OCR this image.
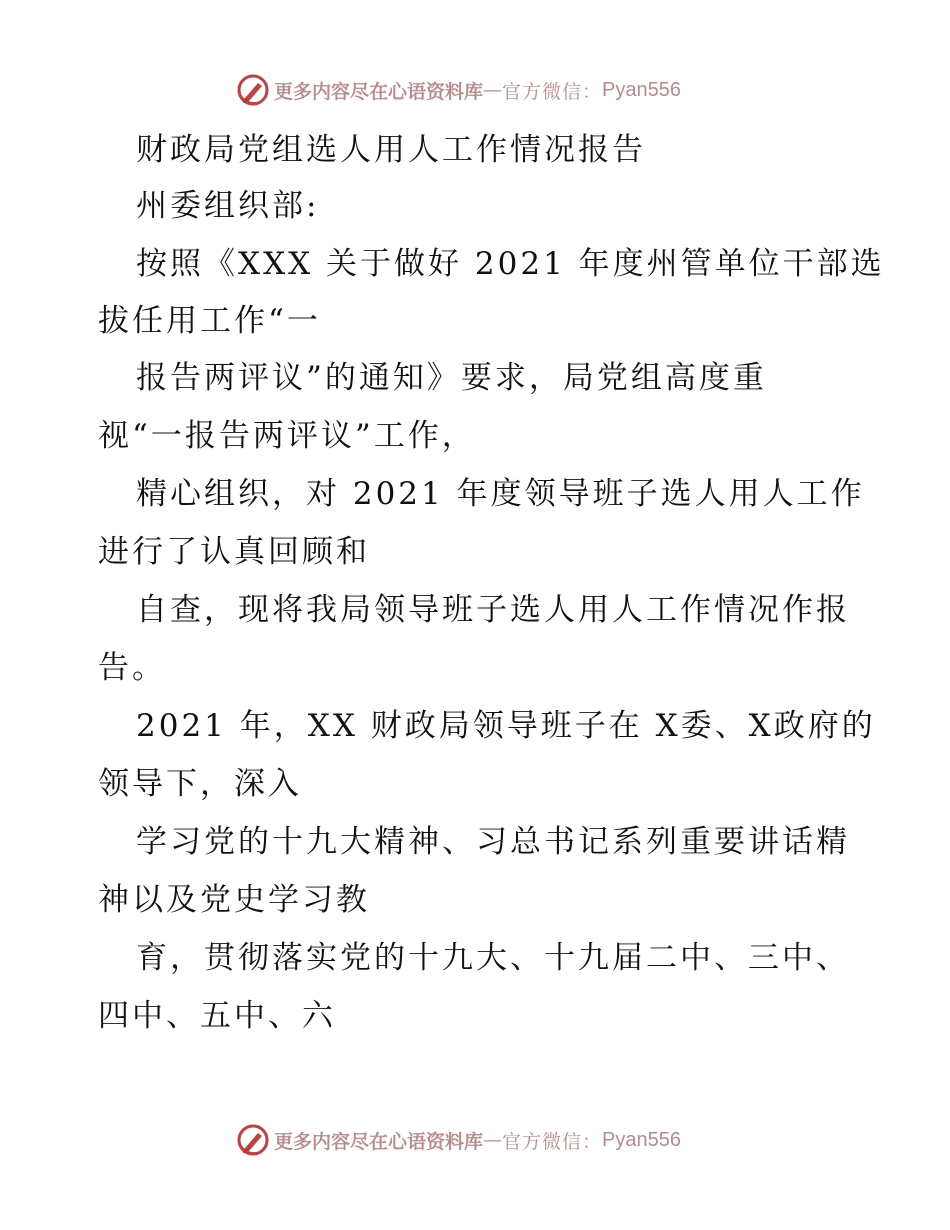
更多内容尽在心语资料库 — 官方微信： Pyan556
财政局党组选人用人工作情况报告
州委组织部:
按照《XXX 关于做好 2021 年度州管单位干部选
拔任用工作“一
报告两评议”的通知》要求，局党组高度重
视“一报告两评议”工作，
精心组织，对 2021 年度领导班子选人用人工作
进行了认真回顾和
自查，现将我局领导班子选人用人工作情况作报
告。
2021 年，XX 财政局领导班子在 X委、X政府的
领导下，深入
学习党的十九大精神、习总书记系列重要讲话精
神以及党史学习教
育，贯彻落实党的十九大、十九届二中、三中、
四中、五中、六
更多内容尽在心语资料库 — 官方微信： Pyan556
